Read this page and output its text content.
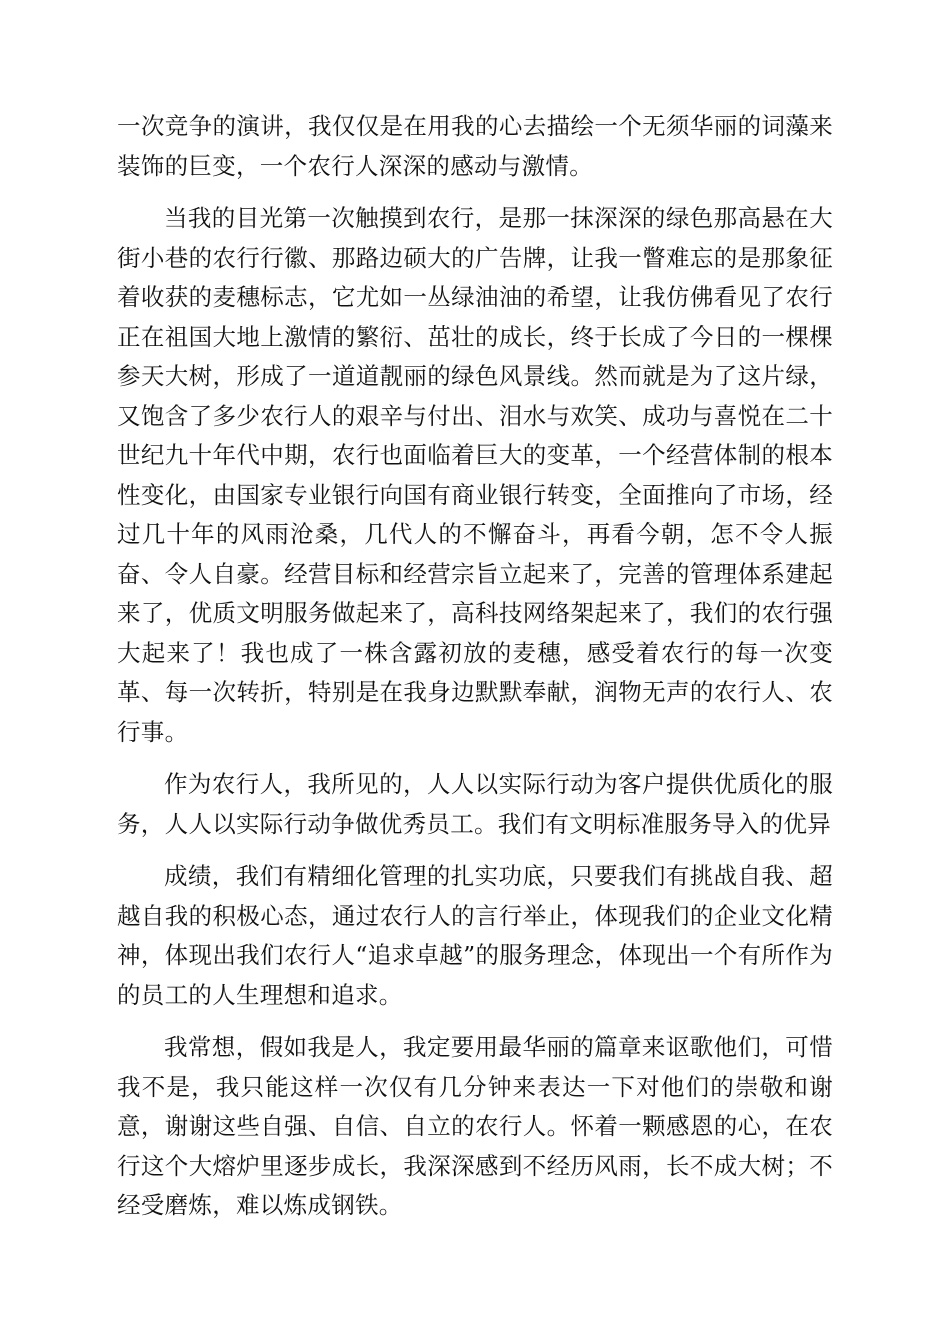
一次竞争的演讲，我仅仅是在用我的心去描绘一个无须华丽的词藻来装饰的巨变，一个农行人深深的感动与激情。

当我的目光第一次触摸到农行，是那一抹深深的绿色那高悬在大街小巷的农行行徽、那路边硕大的广告牌，让我一瞥难忘的是那象征着收获的麦穗标志，它尤如一丛绿油油的希望，让我仿佛看见了农行正在祖国大地上激情的繁衍、茁壮的成长，终于长成了今日的一棵棵参天大树，形成了一道道靓丽的绿色风景线。然而就是为了这片绿，又饱含了多少农行人的艰辛与付出、泪水与欢笑、成功与喜悦在二十世纪九十年代中期，农行也面临着巨大的变革，一个经营体制的根本性变化，由国家专业银行向国有商业银行转变，全面推向了市场，经过几十年的风雨沧桑，几代人的不懈奋斗，再看今朝，怎不令人振奋、令人自豪。经营目标和经营宗旨立起来了，完善的管理体系建起来了，优质文明服务做起来了，高科技网络架起来了，我们的农行强大起来了！我也成了一株含露初放的麦穗，感受着农行的每一次变革、每一次转折，特别是在我身边默默奉献，润物无声的农行人、农行事。

作为农行人，我所见的，人人以实际行动为客户提供优质化的服务，人人以实际行动争做优秀员工。我们有文明标准服务导入的优异

成绩，我们有精细化管理的扎实功底，只要我们有挑战自我、超越自我的积极心态，通过农行人的言行举止，体现我们的企业文化精神，体现出我们农行人“追求卓越”的服务理念，体现出一个有所作为的员工的人生理想和追求。

我常想，假如我是人，我定要用最华丽的篇章来讴歌他们，可惜我不是，我只能这样一次仅有几分钟来表达一下对他们的崇敬和谢意，谢谢这些自强、自信、自立的农行人。怀着一颗感恩的心，在农行这个大熔炉里逐步成长，我深深感到不经历风雨，长不成大树；不经受磨炼，难以炼成钢铁。
